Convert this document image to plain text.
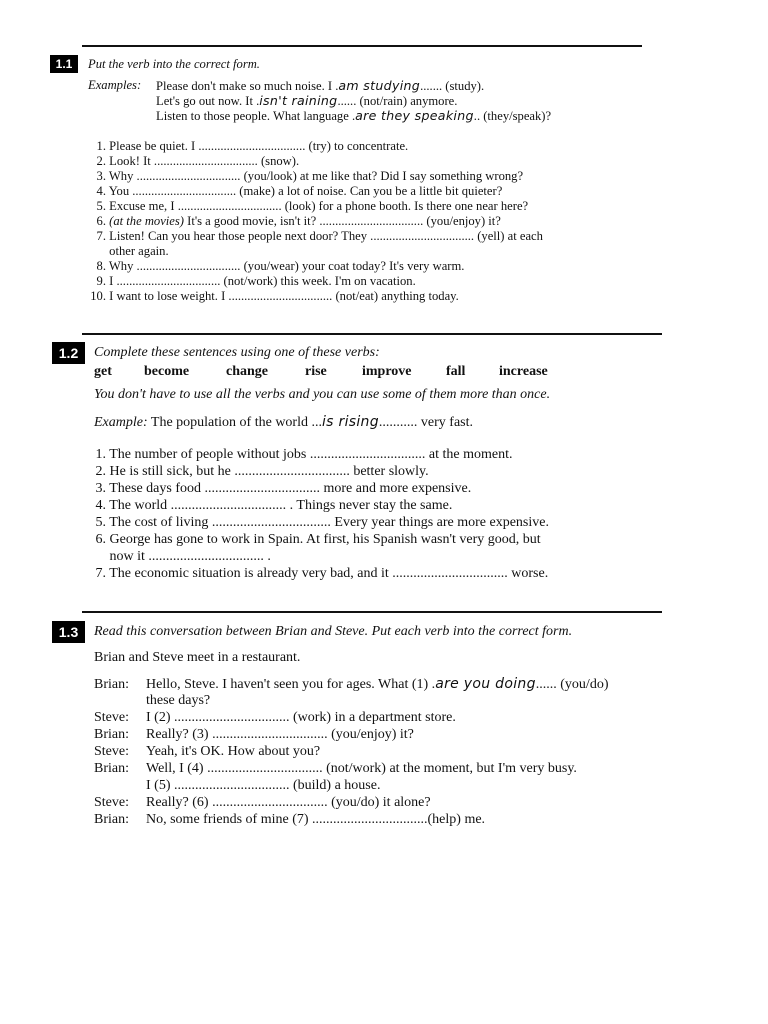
1.1	Put the verb into the correct form.
Examples: Please don't make so much noise. I .am studying....... (study).
Let's go out now. It .isn't raining...... (not/rain) anymore.
Listen to those people. What language .are they speaking.. (they/speak)?
1. Please be quiet. I .................................. (try) to concentrate.
2. Look! It ................................. (snow).
3. Why ................................. (you/look) at me like that? Did I say something wrong?
4. You ................................. (make) a lot of noise. Can you be a little bit quieter?
5. Excuse me, I ................................. (look) for a phone booth. Is there one near here?
6. (at the movies) It's a good movie, isn't it? ................................. (you/enjoy) it?
7. Listen! Can you hear those people next door? They ................................. (yell) at each
other again.
8. Why ................................. (you/wear) your coat today? It's very warm.
9. I ................................. (not/work) this week. I'm on vacation.
10. I want to lose weight. I ................................. (not/eat) anything today.
1.2	Complete these sentences using one of these verbs:
get become	change	rise	improve fall increase
You don't have to use all the verbs and you can use some of them more than once.
Example: The population of the world ...is rising........... very fast.
1. The number of people without jobs ................................. at the moment.
2. He is still sick, but he ................................. better slowly.
3. These days food ................................. more and more expensive.
4. The world ................................. . Things never stay the same.
5. The cost of living .................................. Every year things are more expensive.
6. George has gone to work in Spain. At first, his Spanish wasn't very good, but
now it ................................. .
7. The economic situation is already very bad, and it ................................. worse.
1.3	Read this conversation between Brian and Steve. Put each verb into the correct form.
Brian and Steve meet in a restaurant.
Brian: Hello, Steve. I haven't seen you for ages. What (1) .are you doing...... (you/do)
these days?
Steve: I (2) ................................. (work) in a department store.
Brian: Really? (3) ................................. (you/enjoy) it?
Steve: Yeah, it's OK. How about you?
Brian: Well, I (4) ................................. (not/work) at the moment, but I'm very busy.
I (5) ................................. (build) a house.
Steve: Really? (6) ................................. (you/do) it alone?
Brian: No, some friends of mine (7) .................................(help) me.
